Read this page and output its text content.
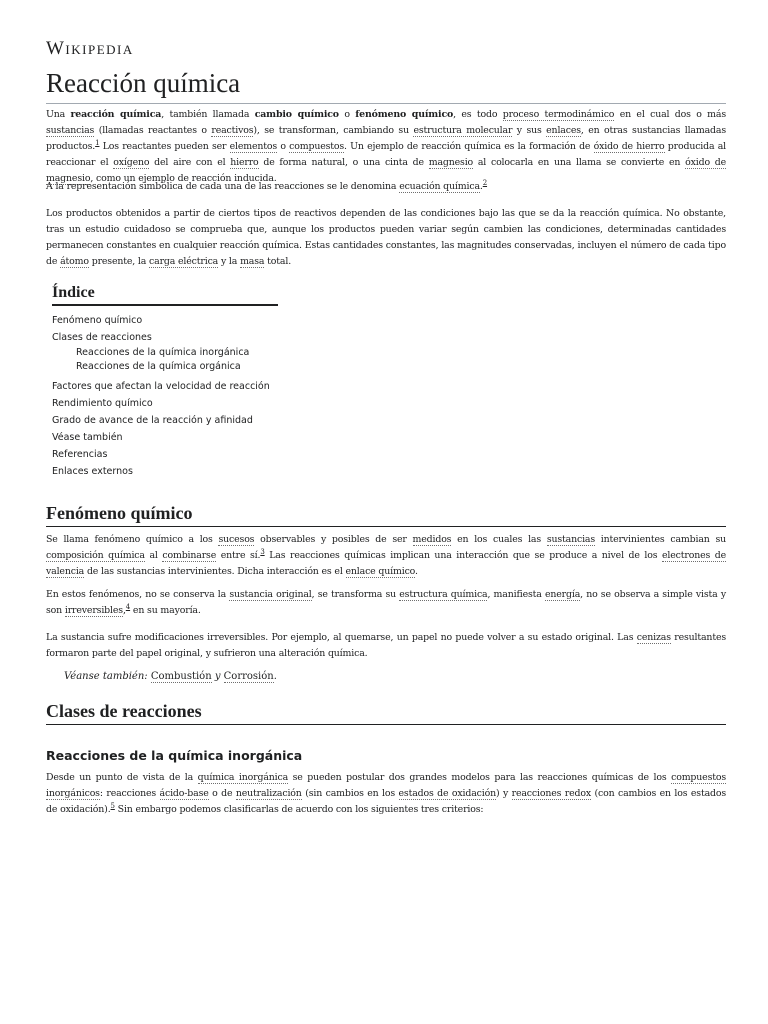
Wikipedia
Reacción química

Una reacción química, también llamada cambio químico o fenómeno químico, es todo proceso termodinámico en el cual dos o más sustancias (llamadas reactantes o reactivos), se transforman, cambiando su estructura molecular y sus enlaces, en otras sustancias llamadas productos.$^1$ Los reactantes pueden ser elementos o compuestos. Un ejemplo de reacción química es la formación de óxido de hierro producida al reaccionar el oxígeno del aire con el hierro de forma natural, o una cinta de magnesio al colocarla en una llama se convierte en óxido de magnesio, como un ejemplo de reacción inducida.

A la representación simbólica de cada una de las reacciones se le denomina ecuación química.$^2$

Los productos obtenidos a partir de ciertos tipos de reactivos dependen de las condiciones bajo las que se da la reacción química. No obstante, tras un estudio cuidadoso se comprueba que, aunque los productos pueden variar según cambien las condiciones, determinadas cantidades permanecen constantes en cualquier reacción química. Estas cantidades constantes, las magnitudes conservadas, incluyen el número de cada tipo de átomo presente, la carga eléctrica y la masa total.

Índice
Fenómeno químico
Clases de reacciones
Reacciones de la química inorgánica
Reacciones de la química orgánica
Factores que afectan la velocidad de reacción
Rendimiento químico
Grado de avance de la reacción y afinidad
Véase también
Referencias
Enlaces externos
Fenómeno químico

Se llama fenómeno químico a los sucesos observables y posibles de ser medidos en los cuales las sustancias intervinientes cambian su composición química al combinarse entre sí.$^3$ Las reacciones químicas implican una interacción que se produce a nivel de los electrones de valencia de las sustancias intervinientes. Dicha interacción es el enlace químico.

En estos fenómenos, no se conserva la sustancia original, se transforma su estructura química, manifiesta energía, no se observa a simple vista y son irreversibles,$^4$ en su mayoría.

La sustancia sufre modificaciones irreversibles. Por ejemplo, al quemarse, un papel no puede volver a su estado original. Las cenizas resultantes formaron parte del papel original, y sufrieron una alteración química.

Véanse también: Combustión y Corrosión.

Clases de reacciones
Reacciones de la química inorgánica

Desde un punto de vista de la química inorgánica se pueden postular dos grandes modelos para las reacciones químicas de los compuestos inorgánicos: reacciones ácido-base o de neutralización (sin cambios en los estados de oxidación) y reacciones redox (con cambios en los estados de oxidación).$^5$ Sin embargo podemos clasificarlas de acuerdo con los siguientes tres criterios:
